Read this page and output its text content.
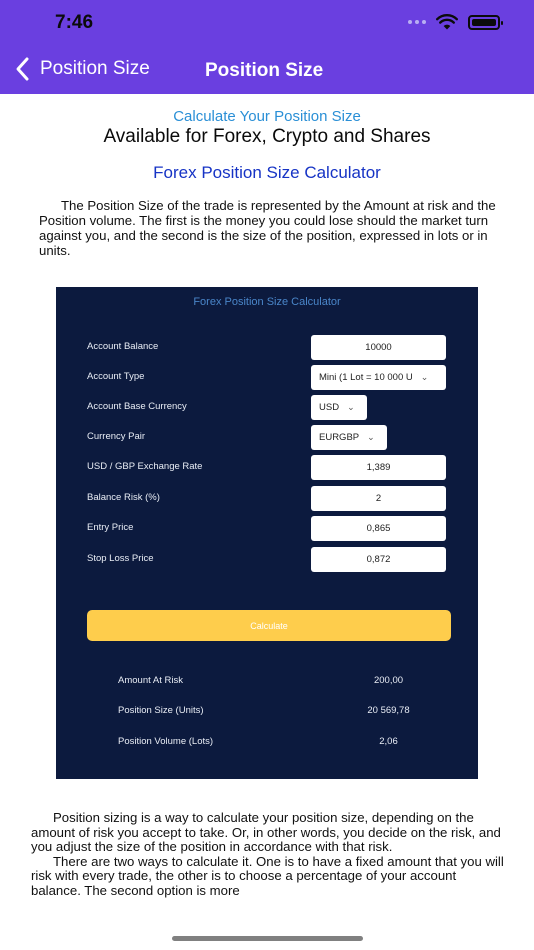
7:46
Position Size	Position Size
Calculate Your Position Size
Available for Forex, Crypto and Shares
Forex Position Size Calculator
The Position Size of the trade is represented by the Amount at risk and the Position volume. The first is the money you could lose should the market turn against you, and the second is the size of the position, expressed in lots or in units.
Forex Position Size Calculator
Account Balance	10000
Account Type	Mini (1 Lot = 10 000 U ⌄
Account Base Currency	USD ⌄
Currency Pair	EURGBP ⌄
USD / GBP Exchange Rate	1,389
Balance Risk (%)	2
Entry Price	0,865
Stop Loss Price	0,872
Calculate
Amount At Risk	200,00
Position Size (Units)	20 569,78
Position Volume (Lots)	2,06

Position sizing is a way to calculate your position size, depending on the amount of risk you accept to take. Or, in other words, you decide on the risk, and you adjust the size of the position in accordance with that risk.

There are two ways to calculate it. One is to have a fixed amount that you will risk with every trade, the other is to choose a percentage of your account balance. The second option is more
